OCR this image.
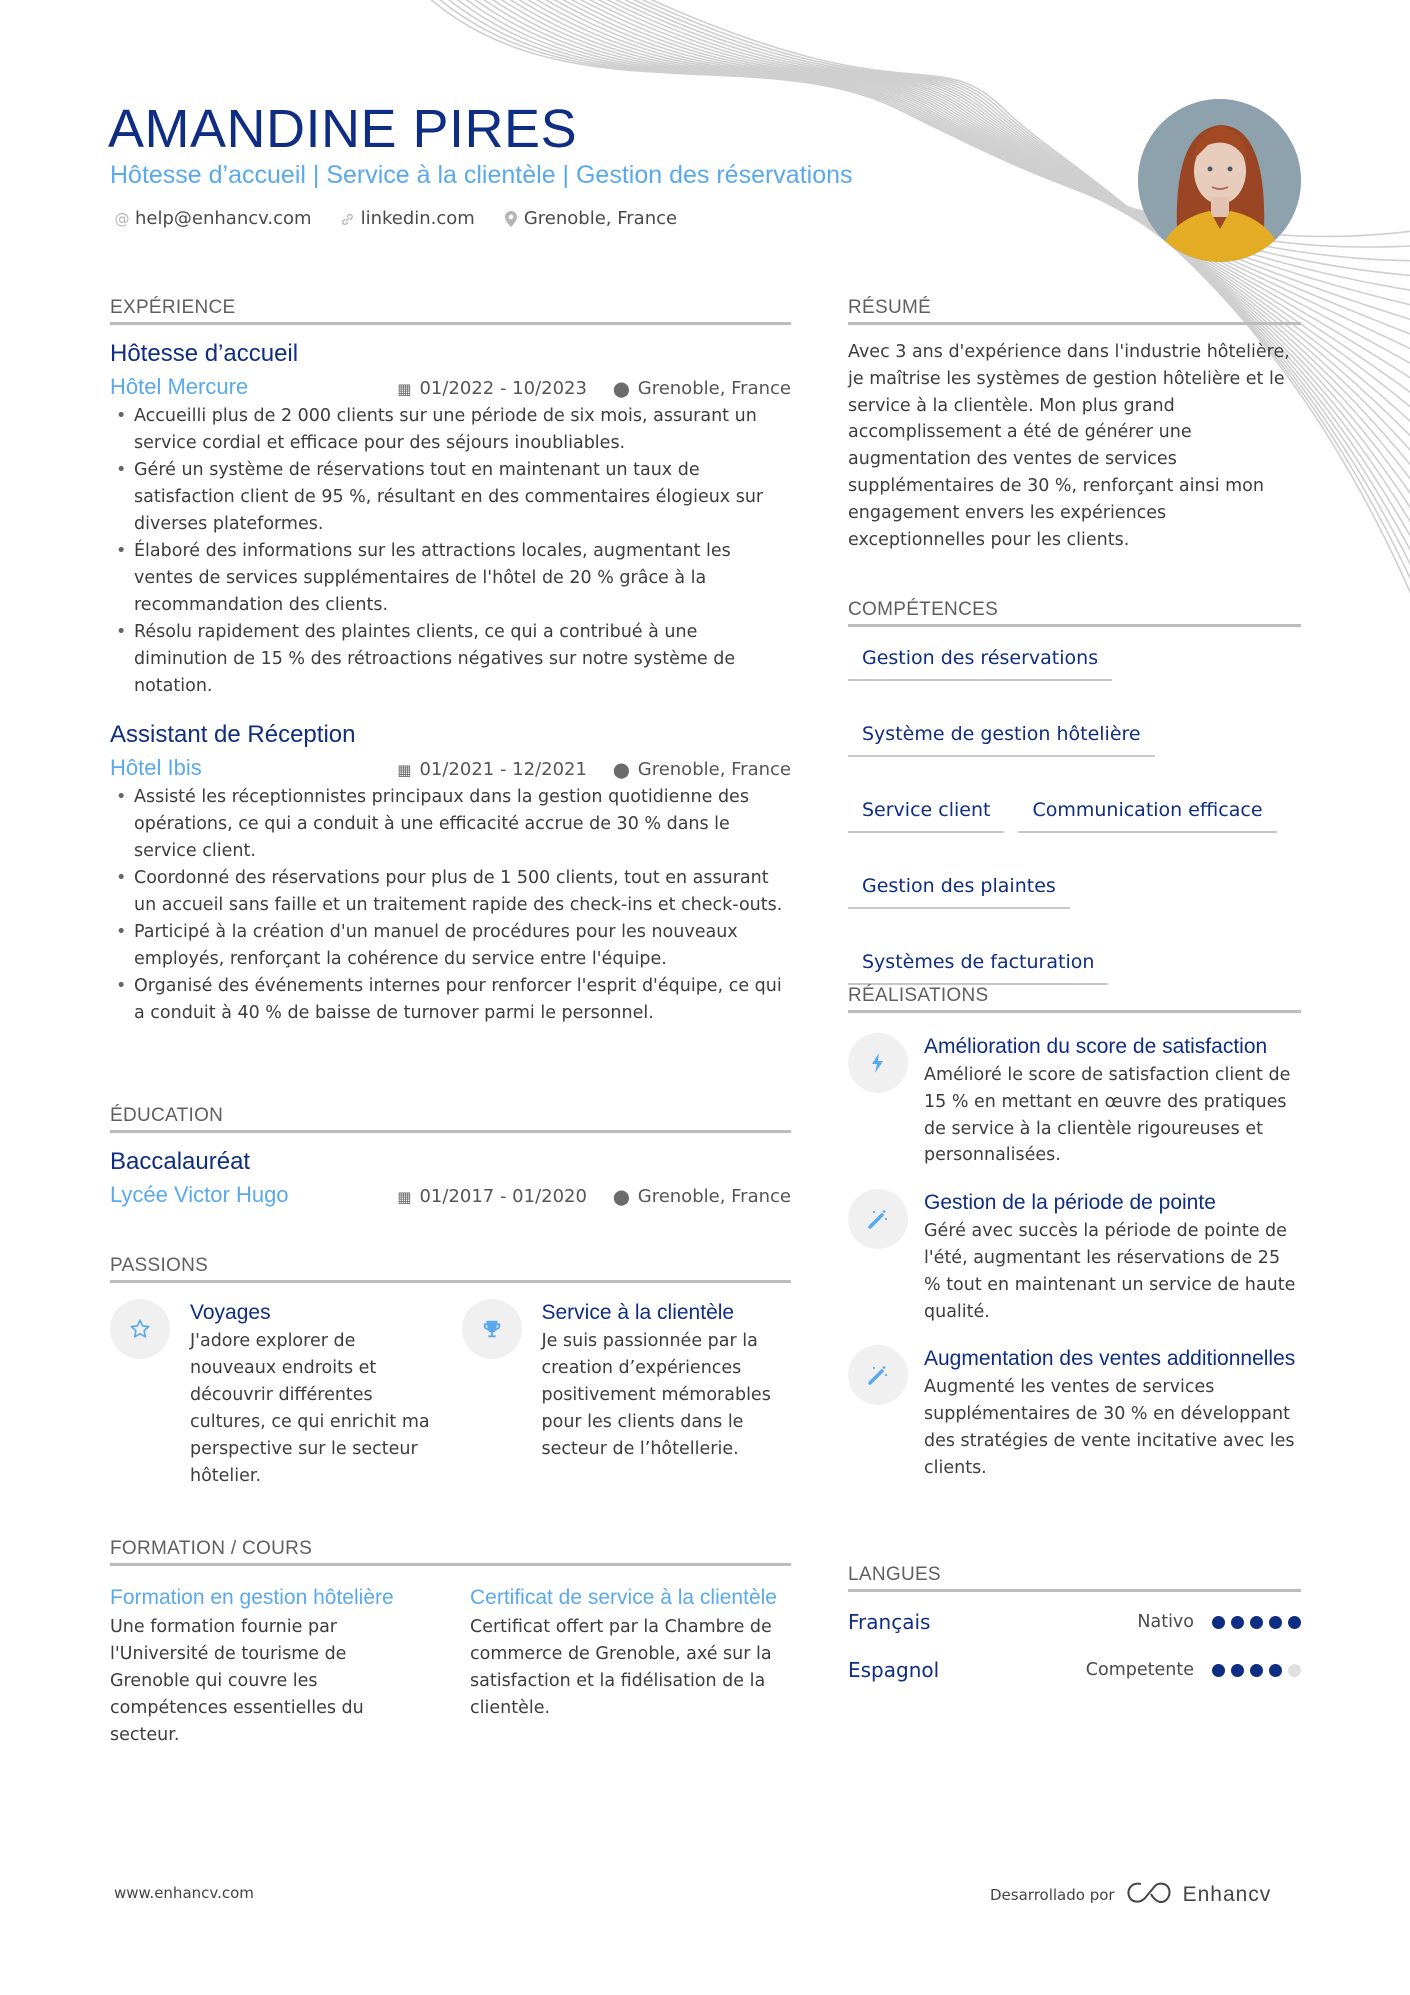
AMANDINE PIRES
Hôtesse d’accueil | Service à la clientèle | Gestion des réservations
@ help@enhancv.com	linkedin.com	Grenoble, France
EXPÉRIENCE
Hôtesse d’accueil
Hôtel Mercure	▦ 01/2022 - 10/2023 ⬤ Grenoble, France
• Accueilli plus de 2 000 clients sur une période de six mois, assurant un service cordial et efficace pour des séjours inoubliables.
• Géré un système de réservations tout en maintenant un taux de satisfaction client de 95 %, résultant en des commentaires élogieux sur diverses plateformes.
• Élaboré des informations sur les attractions locales, augmentant les ventes de services supplémentaires de l'hôtel de 20 % grâce à la recommandation des clients.
• Résolu rapidement des plaintes clients, ce qui a contribué à une diminution de 15 % des rétroactions négatives sur notre système de notation.
Assistant de Réception
Hôtel Ibis	▦ 01/2021 - 12/2021 ⬤ Grenoble, France
• Assisté les réceptionnistes principaux dans la gestion quotidienne des opérations, ce qui a conduit à une efficacité accrue de 30 % dans le service client.
• Coordonné des réservations pour plus de 1 500 clients, tout en assurant un accueil sans faille et un traitement rapide des check-ins et check-outs.
• Participé à la création d'un manuel de procédures pour les nouveaux employés, renforçant la cohérence du service entre l'équipe.
• Organisé des événements internes pour renforcer l'esprit d'équipe, ce qui a conduit à 40 % de baisse de turnover parmi le personnel.
ÉDUCATION
Baccalauréat
Lycée Victor Hugo	▦ 01/2017 - 01/2020 ⬤ Grenoble, France
PASSIONS
Voyages
J'adore explorer de nouveaux endroits et découvrir différentes cultures, ce qui enrichit ma perspective sur le secteur hôtelier.
Service à la clientèle
Je suis passionnée par la creation d’expériences positivement mémorables pour les clients dans le secteur de l’hôtellerie.
FORMATION / COURS
Formation en gestion hôtelière
Une formation fournie par l'Université de tourisme de Grenoble qui couvre les compétences essentielles du secteur.
Certificat de service à la clientèle
Certificat offert par la Chambre de commerce de Grenoble, axé sur la satisfaction et la fidélisation de la clientèle.
RÉSUMÉ
Avec 3 ans d'expérience dans l'industrie hôtelière, je maîtrise les systèmes de gestion hôtelière et le service à la clientèle. Mon plus grand accomplissement a été de générer une augmentation des ventes de services supplémentaires de 30 %, renforçant ainsi mon engagement envers les expériences exceptionnelles pour les clients.
COMPÉTENCES
Gestion des réservations
Système de gestion hôtelière
Service client	Communication efficace
Gestion des plaintes
Systèmes de facturation
RÉALISATIONS
Amélioration du score de satisfaction
Amélioré le score de satisfaction client de 15 % en mettant en œuvre des pratiques de service à la clientèle rigoureuses et personnalisées.
Gestion de la période de pointe
Géré avec succès la période de pointe de l'été, augmentant les réservations de 25 % tout en maintenant un service de haute qualité.
Augmentation des ventes additionnelles
Augmenté les ventes de services supplémentaires de 30 % en développant des stratégies de vente incitative avec les clients.
LANGUES
Français	Nativo
Espagnol	Competente
www.enhancv.com	Desarrollado por	Enhancv
